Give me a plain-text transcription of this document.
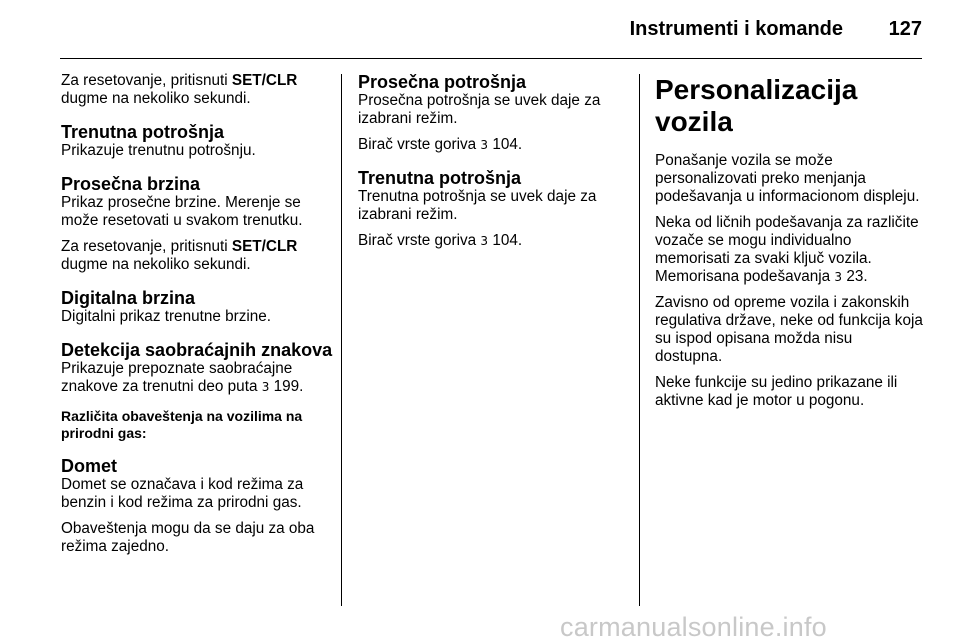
Instrumenti i komande 127

Za resetovanje, pritisnuti SET/CLR dugme na nekoliko sekundi.

Trenutna potrošnja

Prikazuje trenutnu potrošnju.

Prosečna brzina

Prikaz prosečne brzine. Merenje se može resetovati u svakom trenutku.

Za resetovanje, pritisnuti SET/CLR dugme na nekoliko sekundi.

Digitalna brzina

Digitalni prikaz trenutne brzine.

Detekcija saobraćajnih znakova

Prikazuje prepoznate saobraćajne znakove za trenutni deo puta 3 199.

Različita obaveštenja na vozilima na prirodni gas:
Domet

Domet se označava i kod režima za benzin i kod režima za prirodni gas.

Obaveštenja mogu da se daju za oba režima zajedno.

Prosečna potrošnja

Prosečna potrošnja se uvek daje za izabrani režim.

Birač vrste goriva 3 104.

Trenutna potrošnja

Trenutna potrošnja se uvek daje za izabrani režim.

Birač vrste goriva 3 104.

Personalizacija vozila

Ponašanje vozila se može personalizovati preko menjanja podešavanja u informacionom displeju.

Neka od ličnih podešavanja za različite vozače se mogu individualno memorisati za svaki ključ vozila. Memorisana podešavanja 3 23.

Zavisno od opreme vozila i zakonskih regulativa države, neke od funkcija koja su ispod opisana možda nisu dostupna.

Neke funkcije su jedino prikazane ili aktivne kad je motor u pogonu.

carmanualsonline.info
